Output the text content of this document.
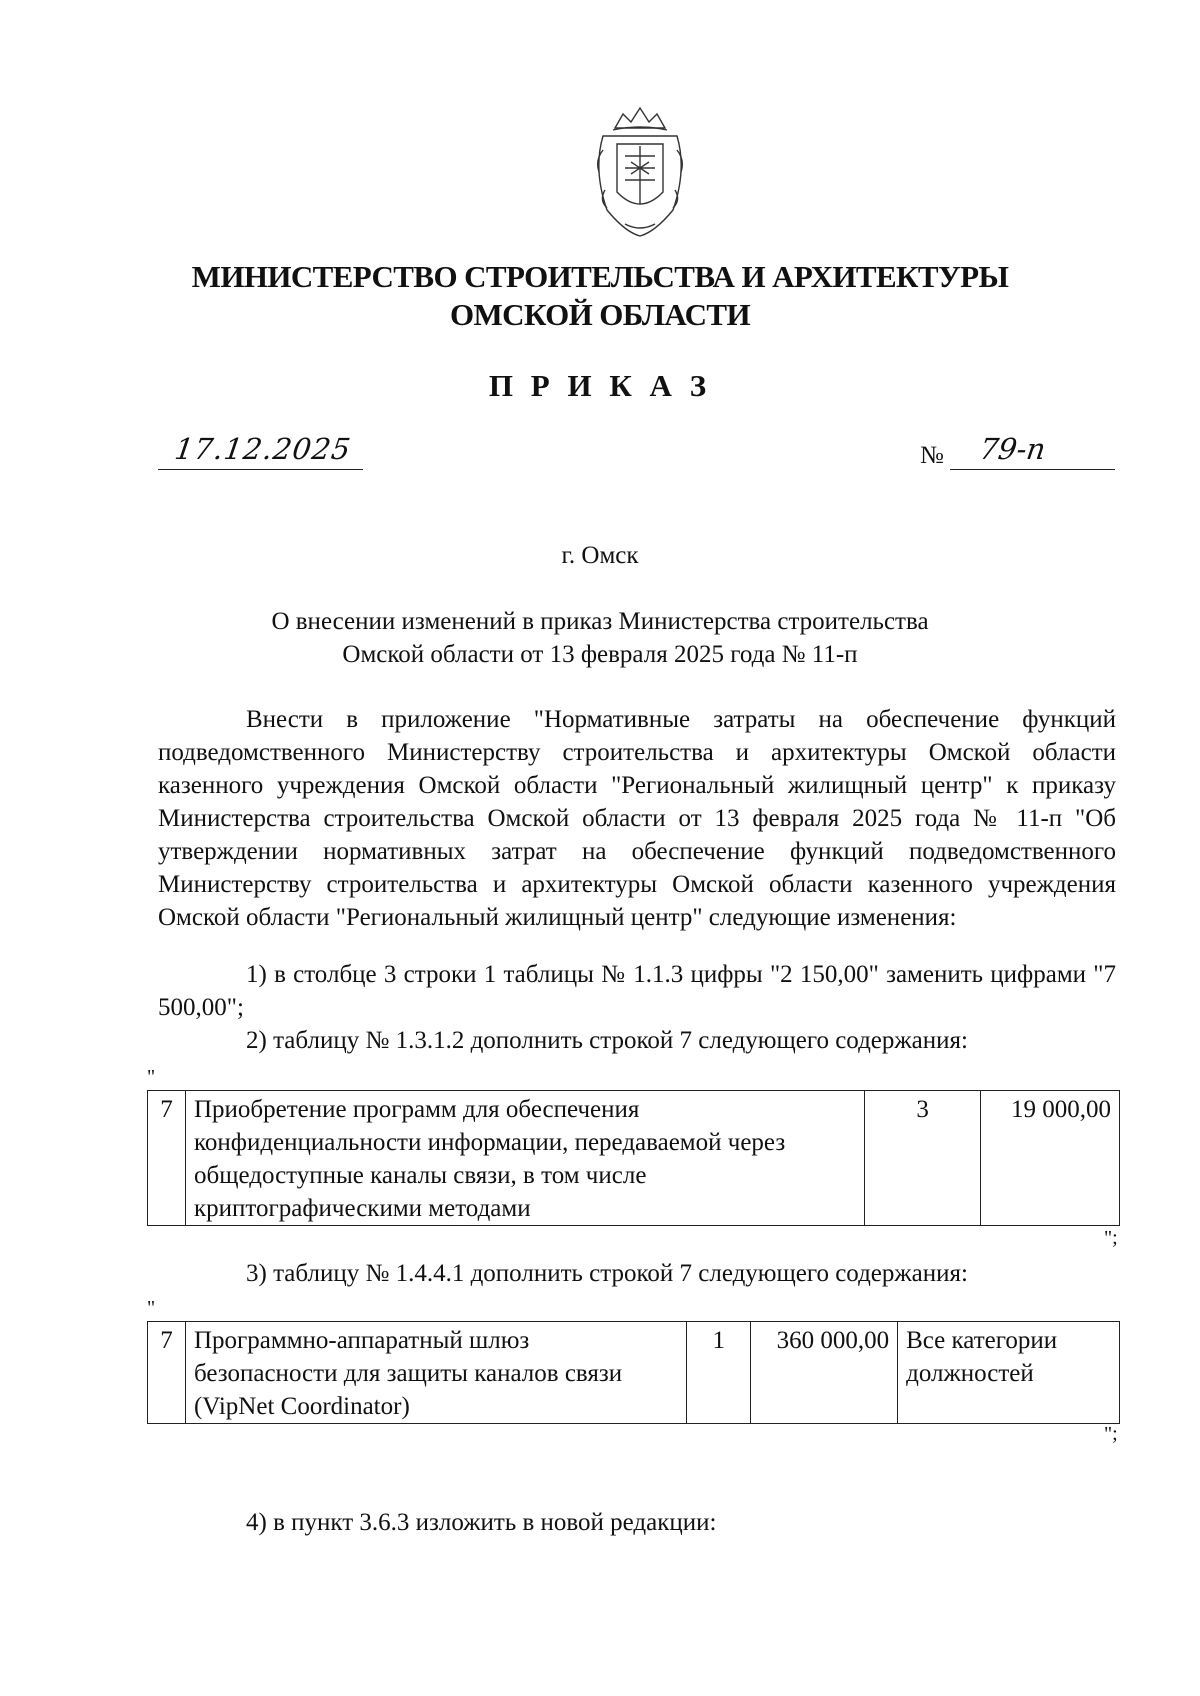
МИНИСТЕРСТВО СТРОИТЕЛЬСТВА И АРХИТЕКТУРЫ
ОМСКОЙ ОБЛАСТИ
П Р И К А З
17.12.2025	№ 79-п
г. Омск
О внесении изменений в приказ Министерства строительства
Омской области от 13 февраля 2025 года № 11-п
Внести в приложение "Нормативные затраты на обеспечение функций подведомственного Министерству строительства и архитектуры Омской области казенного учреждения Омской области "Региональный жилищный центр" к приказу Министерства строительства Омской области от 13 февраля 2025 года № 11-п "Об утверждении нормативных затрат на обеспечение функций подведомственного Министерству строительства и архитектуры Омской области казенного учреждения Омской области "Региональный жилищный центр" следующие изменения:
1) в столбце 3 строки 1 таблицы № 1.1.3 цифры "2 150,00" заменить цифрами "7 500,00";
2) таблицу № 1.3.1.2 дополнить строкой 7 следующего содержания:
"
7	Приобретение программ для обеспечения конфиденциальности информации, передаваемой через общедоступные каналы связи, в том числе криптографическими методами	3	19 000,00
";
3) таблицу № 1.4.4.1 дополнить строкой 7 следующего содержания:
"
7	Программно-аппаратный шлюз безопасности для защиты каналов связи (VipNet Coordinator)	1	360 000,00	Все категории должностей
";
4) в пункт 3.6.3 изложить в новой редакции:
